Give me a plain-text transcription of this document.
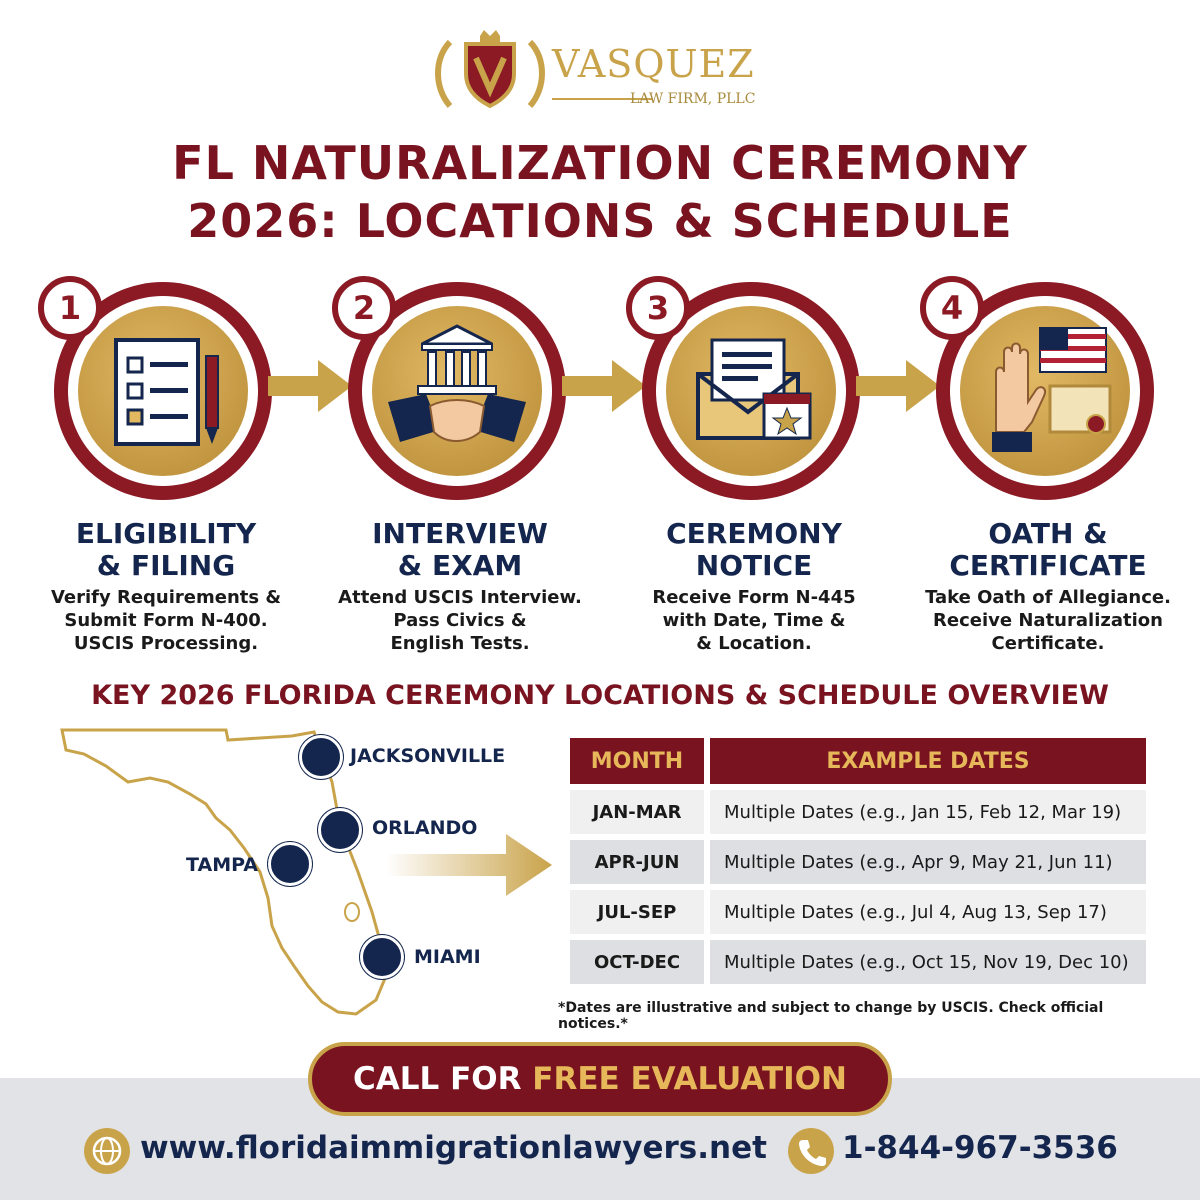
VASQUEZ
LAW FIRM, PLLC
FL NATURALIZATION CEREMONY
2026: LOCATIONS & SCHEDULE
1
ELIGIBILITY
& FILING
Verify Requirements &
Submit Form N-400.
USCIS Processing.
2
INTERVIEW
& EXAM
Attend USCIS Interview.
Pass Civics &
English Tests.
3
CEREMONY
NOTICE
Receive Form N-445
with Date, Time &
& Location.
4
OATH &
CERTIFICATE
Take Oath of Allegiance.
Receive Naturalization
Certificate.
KEY 2026 FLORIDA CEREMONY LOCATIONS & SCHEDULE OVERVIEW
JACKSONVILLE
ORLANDO
TAMPA
MIAMI
MONTH	EXAMPLE DATES
JAN-MAR	Multiple Dates (e.g., Jan 15, Feb 12, Mar 19)
APR-JUN	Multiple Dates (e.g., Apr 9, May 21, Jun 11)
JUL-SEP	Multiple Dates (e.g., Jul 4, Aug 13, Sep 17)
OCT-DEC	Multiple Dates (e.g., Oct 15, Nov 19, Dec 10)
*Dates are illustrative and subject to change by USCIS. Check official notices.*
CALL FOR FREE EVALUATION
www.floridaimmigrationlawyers.net 1-844-967-3536
